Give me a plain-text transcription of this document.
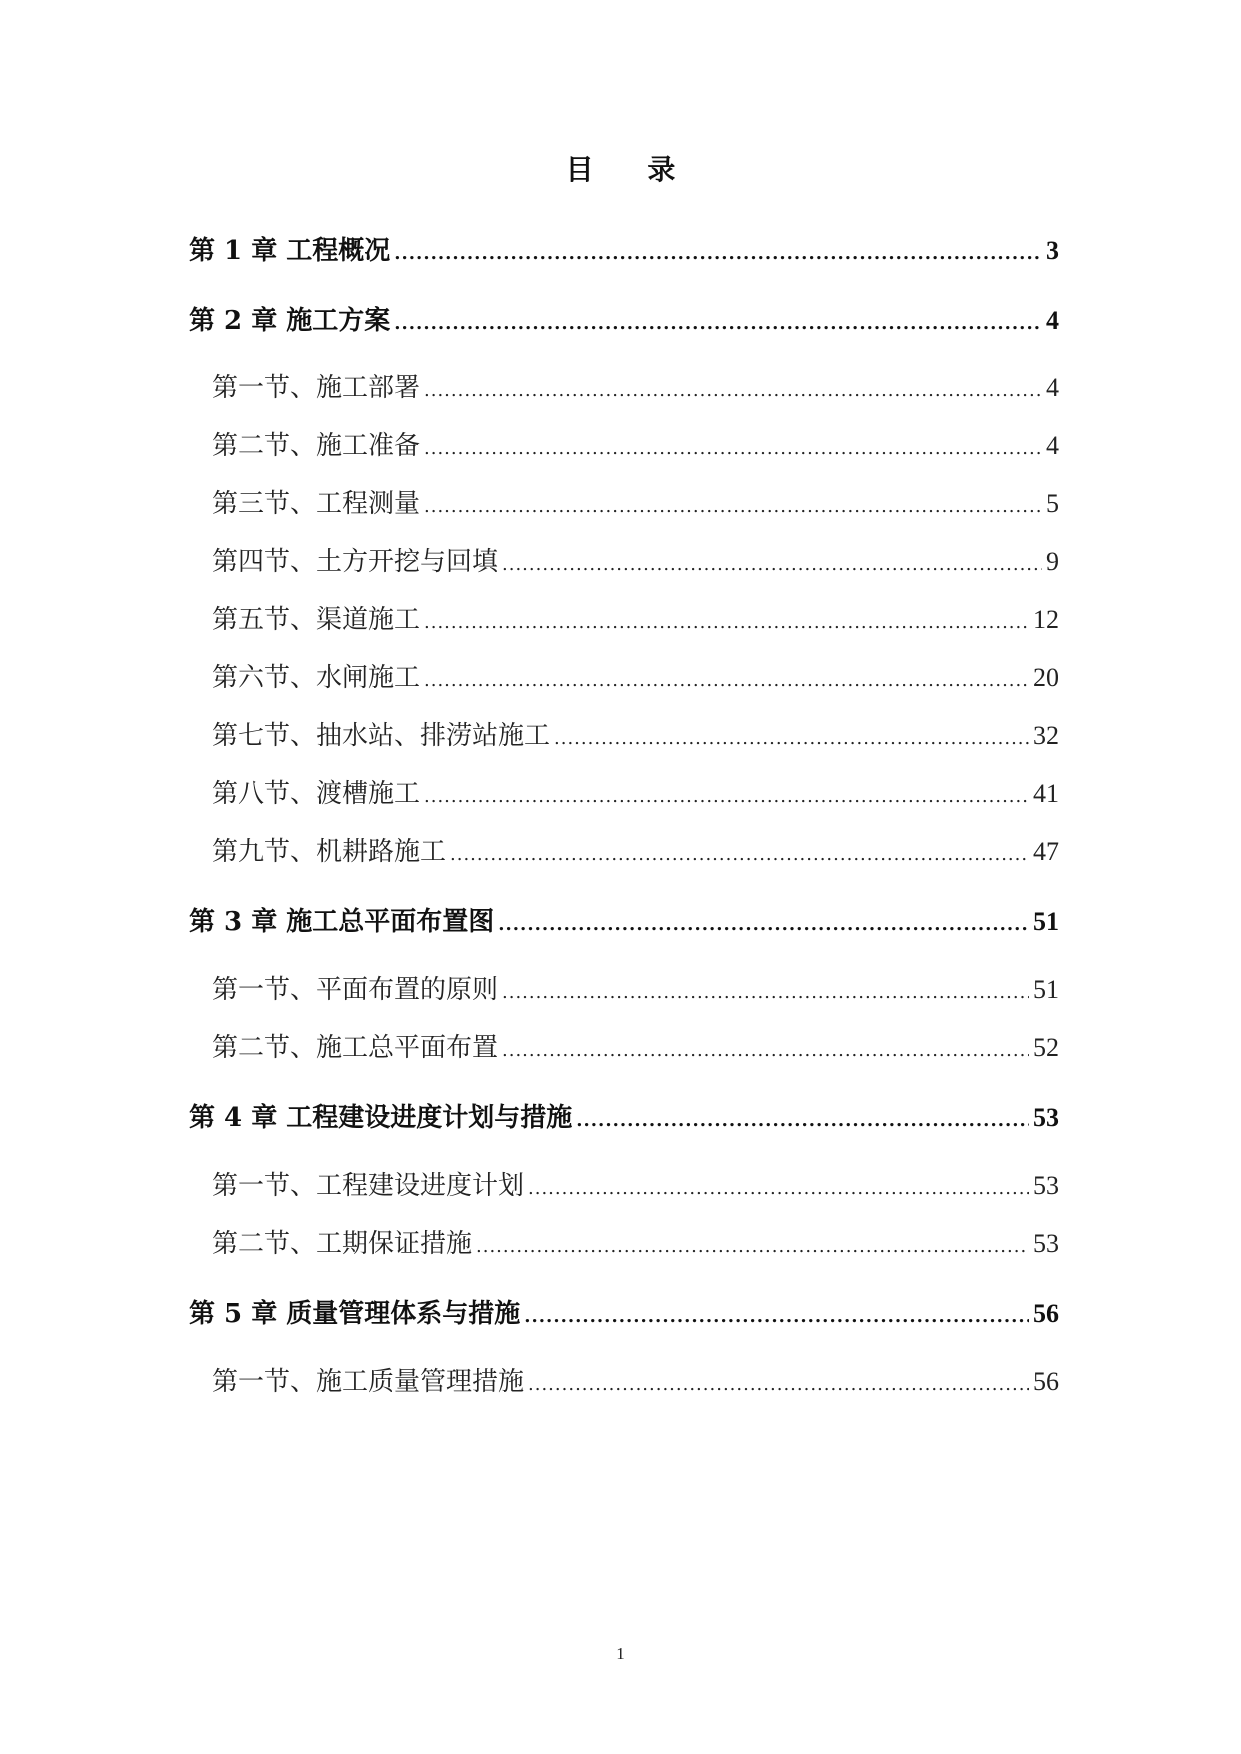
目 录
第 1 章 工程概况 .....	3
第 2 章 施工方案 .....	4
第一节、施工部署 .....	4
第二节、施工准备 .....	4
第三节、工程测量 .....	5
第四节、土方开挖与回填 .....	9
第五节、渠道施工 .....	12
第六节、水闸施工 .....	20
第七节、抽水站、排涝站施工 .....	32
第八节、渡槽施工 .....	41
第九节、机耕路施工 .....	47
第 3 章 施工总平面布置图 .....	51
第一节、平面布置的原则 .....	51
第二节、施工总平面布置 .....	52
第 4 章 工程建设进度计划与措施 .....	53
第一节、工程建设进度计划 .....	53
第二节、工期保证措施 .....	53
第 5 章 质量管理体系与措施 .....	56
第一节、施工质量管理措施 .....	56
1
